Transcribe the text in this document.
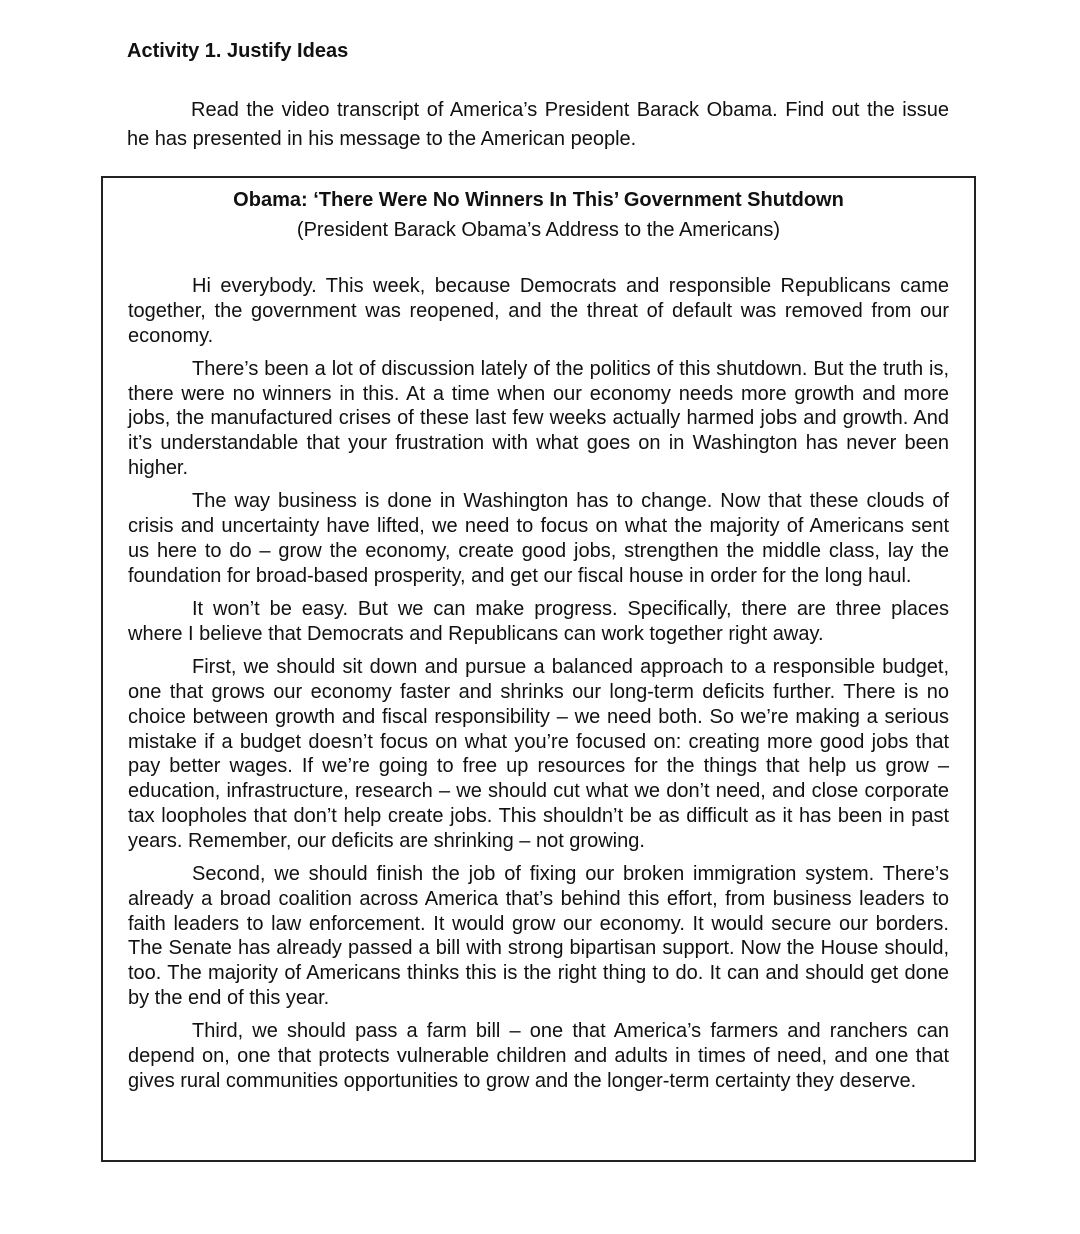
Activity 1. Justify Ideas

Read the video transcript of America’s President Barack Obama. Find out the issue he has presented in his message to the American people.

Obama: ‘There Were No Winners In This’ Government Shutdown

(President Barack Obama’s Address to the Americans)

Hi everybody. This week, because Democrats and responsible Republicans came together, the government was reopened, and the threat of default was removed from our economy.

There’s been a lot of discussion lately of the politics of this shutdown. But the truth is, there were no winners in this. At a time when our economy needs more growth and more jobs, the manufactured crises of these last few weeks actually harmed jobs and growth. And it’s understandable that your frustration with what goes on in Washington has never been higher.

The way business is done in Washington has to change. Now that these clouds of crisis and uncertainty have lifted, we need to focus on what the majority of Americans sent us here to do – grow the economy, create good jobs, strengthen the middle class, lay the foundation for broad-based prosperity, and get our fiscal house in order for the long haul.

It won’t be easy. But we can make progress. Specifically, there are three places where I believe that Democrats and Republicans can work together right away.

First, we should sit down and pursue a balanced approach to a responsible budget, one that grows our economy faster and shrinks our long-term deficits further. There is no choice between growth and fiscal responsibility – we need both. So we’re making a serious mistake if a budget doesn’t focus on what you’re focused on: creating more good jobs that pay better wages. If we’re going to free up resources for the things that help us grow – education, infrastructure, research – we should cut what we don’t need, and close corporate tax loopholes that don’t help create jobs. This shouldn’t be as difficult as it has been in past years. Remember, our deficits are shrinking – not growing.

Second, we should finish the job of fixing our broken immigration system. There’s already a broad coalition across America that’s behind this effort, from business leaders to faith leaders to law enforcement. It would grow our economy. It would secure our borders. The Senate has already passed a bill with strong bipartisan support. Now the House should, too. The majority of Americans thinks this is the right thing to do. It can and should get done by the end of this year.

Third, we should pass a farm bill – one that America’s farmers and ranchers can depend on, one that protects vulnerable children and adults in times of need, and one that gives rural communities opportunities to grow and the longer-term certainty they deserve.
